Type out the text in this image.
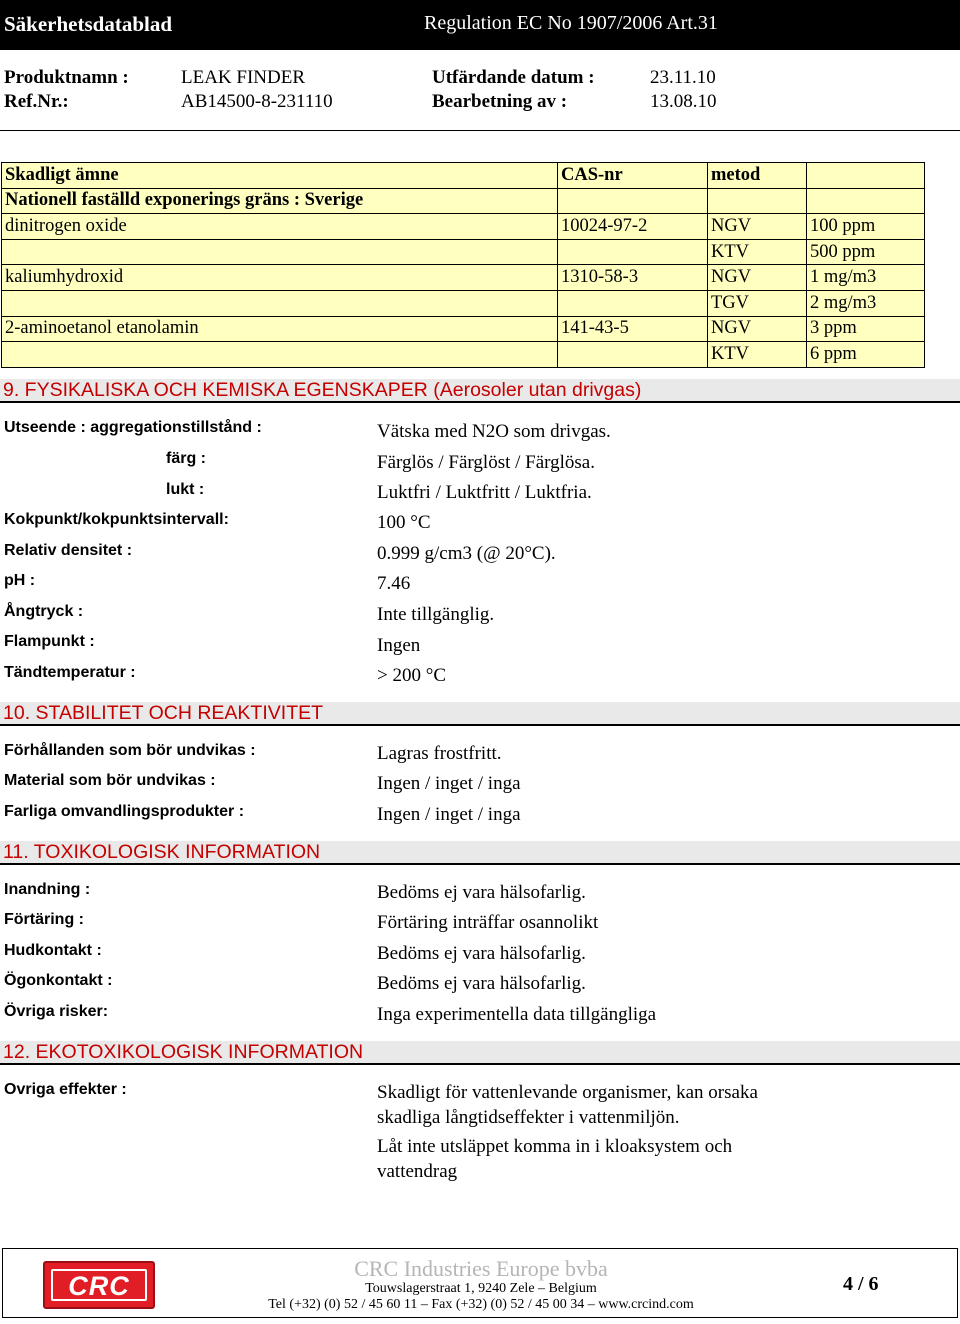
Säkerhetsdatablad	Regulation EC No 1907/2006 Art.31
Produktnamn :	LEAK FINDER	Utfärdande datum :	23.11.10
Ref.Nr.:	AB14500-8-231110	Bearbetning av :	13.08.10
Skadligt ämne	CAS-nr	metod	
Nationell faställd exponerings gräns : Sverige			
dinitrogen oxide	10024-97-2	NGV	100 ppm
		KTV	500 ppm
kaliumhydroxid	1310-58-3	NGV	1 mg/m3
		TGV	2 mg/m3
2-aminoetanol etanolamin	141-43-5	NGV	3 ppm
		KTV	6 ppm
9. FYSIKALISKA OCH KEMISKA EGENSKAPER (Aerosoler utan drivgas)
Utseende : aggregationstillstånd :	Vätska med N2O som drivgas.
färg :	Färglös / Färglöst / Färglösa.
lukt :	Luktfri / Luktfritt / Luktfria.
Kokpunkt/kokpunktsintervall:	100 °C
Relativ densitet :	0.999 g/cm3 (@ 20°C).
pH :	7.46
Ångtryck :	Inte tillgänglig.
Flampunkt :	Ingen
Tändtemperatur :	> 200 °C
10. STABILITET OCH REAKTIVITET
Förhållanden som bör undvikas :	Lagras frostfritt.
Material som bör undvikas :	Ingen / inget / inga
Farliga omvandlingsprodukter :	Ingen / inget / inga
11. TOXIKOLOGISK INFORMATION
Inandning :	Bedöms ej vara hälsofarlig.
Förtäring :	Förtäring inträffar osannolikt
Hudkontakt :	Bedöms ej vara hälsofarlig.
Ögonkontakt :	Bedöms ej vara hälsofarlig.
Övriga risker:	Inga experimentella data tillgängliga
12. EKOTOXIKOLOGISK INFORMATION
Ovriga effekter :	Skadligt för vattenlevande organismer, kan orsaka skadliga långtidseffekter i vattenmiljön.
Låt inte utsläppet komma in i kloaksystem och vattendrag
CRC
CRC Industries Europe bvba
Touwslagerstraat 1, 9240 Zele – Belgium
Tel (+32) (0) 52 / 45 60 11 – Fax (+32) (0) 52 / 45 00 34 – www.crcind.com
4 / 6
